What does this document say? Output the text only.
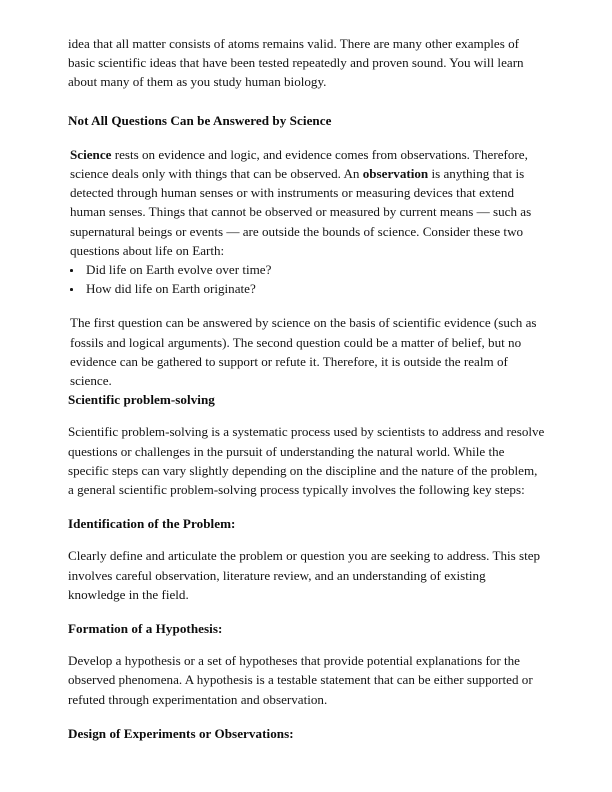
idea that all matter consists of atoms remains valid. There are many other examples of basic scientific ideas that have been tested repeatedly and proven sound. You will learn about many of them as you study human biology.

Not All Questions Can be Answered by Science

Science rests on evidence and logic, and evidence comes from observations. Therefore, science deals only with things that can be observed. An observation is anything that is detected through human senses or with instruments or measuring devices that extend human senses. Things that cannot be observed or measured by current means — such as supernatural beings or events — are outside the bounds of science. Consider these two questions about life on Earth:

Did life on Earth evolve over time?
How did life on Earth originate?

The first question can be answered by science on the basis of scientific evidence (such as fossils and logical arguments). The second question could be a matter of belief, but no evidence can be gathered to support or refute it. Therefore, it is outside the realm of science.

Scientific problem-solving

Scientific problem-solving is a systematic process used by scientists to address and resolve questions or challenges in the pursuit of understanding the natural world. While the specific steps can vary slightly depending on the discipline and the nature of the problem, a general scientific problem-solving process typically involves the following key steps:

Identification of the Problem:

Clearly define and articulate the problem or question you are seeking to address. This step involves careful observation, literature review, and an understanding of existing knowledge in the field.

Formation of a Hypothesis:

Develop a hypothesis or a set of hypotheses that provide potential explanations for the observed phenomena. A hypothesis is a testable statement that can be either supported or refuted through experimentation and observation.

Design of Experiments or Observations:
